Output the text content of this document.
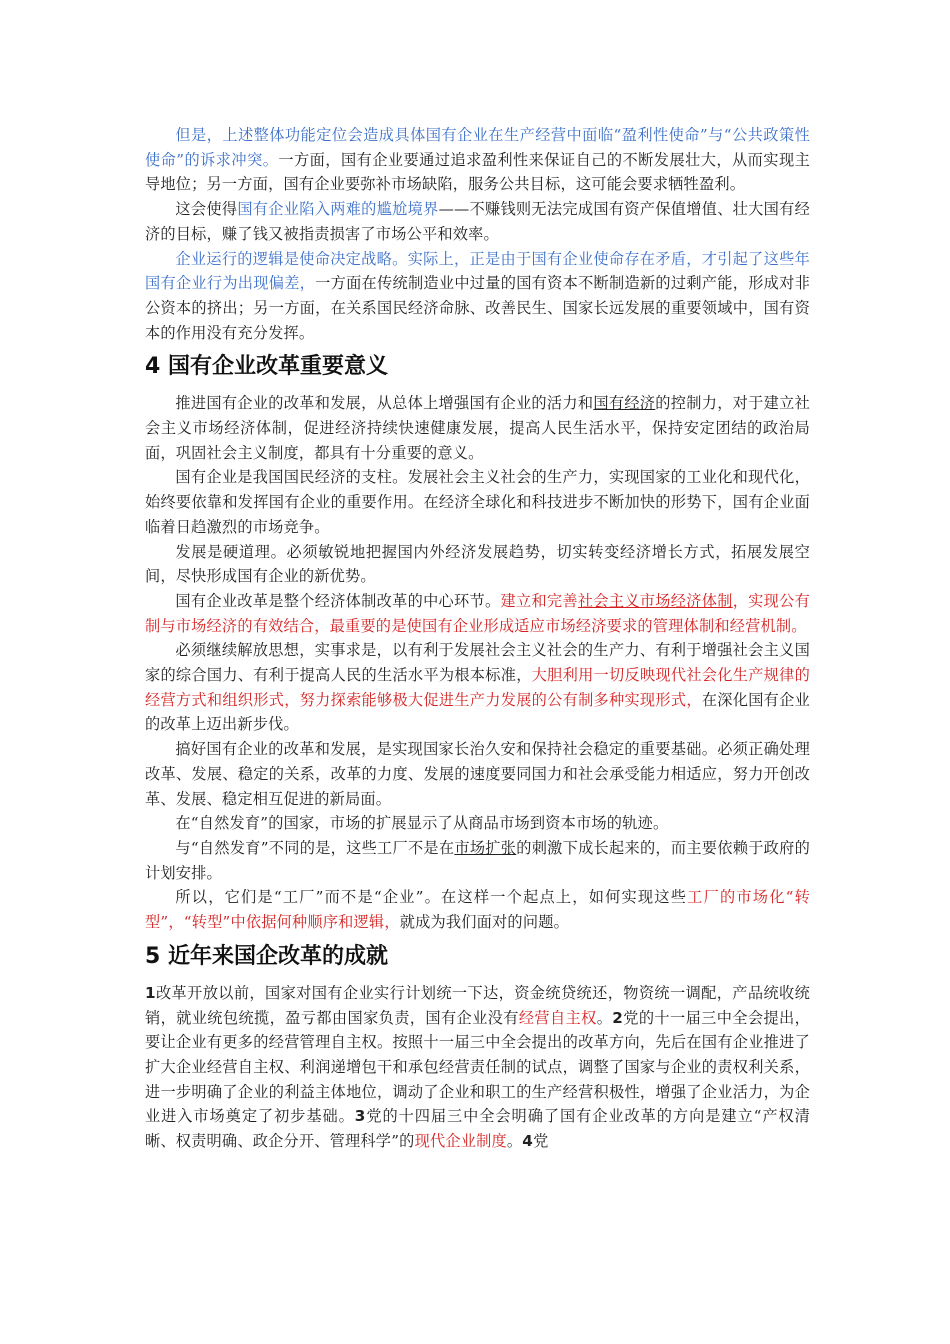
但是，上述整体功能定位会造成具体国有企业在生产经营中面临“盈利性使命”与“公共政策性使命”的诉求冲突。一方面，国有企业要通过追求盈利性来保证自己的不断发展壮大，从而实现主导地位；另一方面，国有企业要弥补市场缺陷，服务公共目标，这可能会要求牺牲盈利。

这会使得国有企业陷入两难的尴尬境界——不赚钱则无法完成国有资产保值增值、壮大国有经济的目标，赚了钱又被指责损害了市场公平和效率。

企业运行的逻辑是使命决定战略。实际上，正是由于国有企业使命存在矛盾，才引起了这些年国有企业行为出现偏差，一方面在传统制造业中过量的国有资本不断制造新的过剩产能，形成对非公资本的挤出；另一方面，在关系国民经济命脉、改善民生、国家长远发展的重要领域中，国有资本的作用没有充分发挥。

4 国有企业改革重要意义

推进国有企业的改革和发展，从总体上增强国有企业的活力和国有经济的控制力，对于建立社会主义市场经济体制，促进经济持续快速健康发展，提高人民生活水平，保持安定团结的政治局面，巩固社会主义制度，都具有十分重要的意义。

国有企业是我国国民经济的支柱。发展社会主义社会的生产力，实现国家的工业化和现代化，始终要依靠和发挥国有企业的重要作用。在经济全球化和科技进步不断加快的形势下，国有企业面临着日趋激烈的市场竞争。

发展是硬道理。必须敏锐地把握国内外经济发展趋势，切实转变经济增长方式，拓展发展空间，尽快形成国有企业的新优势。

国有企业改革是整个经济体制改革的中心环节。建立和完善社会主义市场经济体制，实现公有制与市场经济的有效结合，最重要的是使国有企业形成适应市场经济要求的管理体制和经营机制。

必须继续解放思想，实事求是，以有利于发展社会主义社会的生产力、有利于增强社会主义国家的综合国力、有利于提高人民的生活水平为根本标准，大胆利用一切反映现代社会化生产规律的经营方式和组织形式，努力探索能够极大促进生产力发展的公有制多种实现形式，在深化国有企业的改革上迈出新步伐。

搞好国有企业的改革和发展，是实现国家长治久安和保持社会稳定的重要基础。必须正确处理改革、发展、稳定的关系，改革的力度、发展的速度要同国力和社会承受能力相适应，努力开创改革、发展、稳定相互促进的新局面。

在“自然发育”的国家，市场的扩展显示了从商品市场到资本市场的轨迹。

与“自然发育”不同的是，这些工厂不是在市场扩张的刺激下成长起来的，而主要依赖于政府的计划安排。

所以，它们是“工厂”而不是“企业”。在这样一个起点上，如何实现这些工厂的市场化“转型”，“转型”中依据何种顺序和逻辑，就成为我们面对的问题。

5 近年来国企改革的成就

1改革开放以前，国家对国有企业实行计划统一下达，资金统贷统还，物资统一调配，产品统收统销，就业统包统揽，盈亏都由国家负责，国有企业没有经营自主权。2党的十一届三中全会提出，要让企业有更多的经营管理自主权。按照十一届三中全会提出的改革方向，先后在国有企业推进了扩大企业经营自主权、利润递增包干和承包经营责任制的试点，调整了国家与企业的责权利关系，进一步明确了企业的利益主体地位，调动了企业和职工的生产经营积极性，增强了企业活力，为企业进入市场奠定了初步基础。3党的十四届三中全会明确了国有企业改革的方向是建立“产权清晰、权责明确、政企分开、管理科学”的现代企业制度。4党
